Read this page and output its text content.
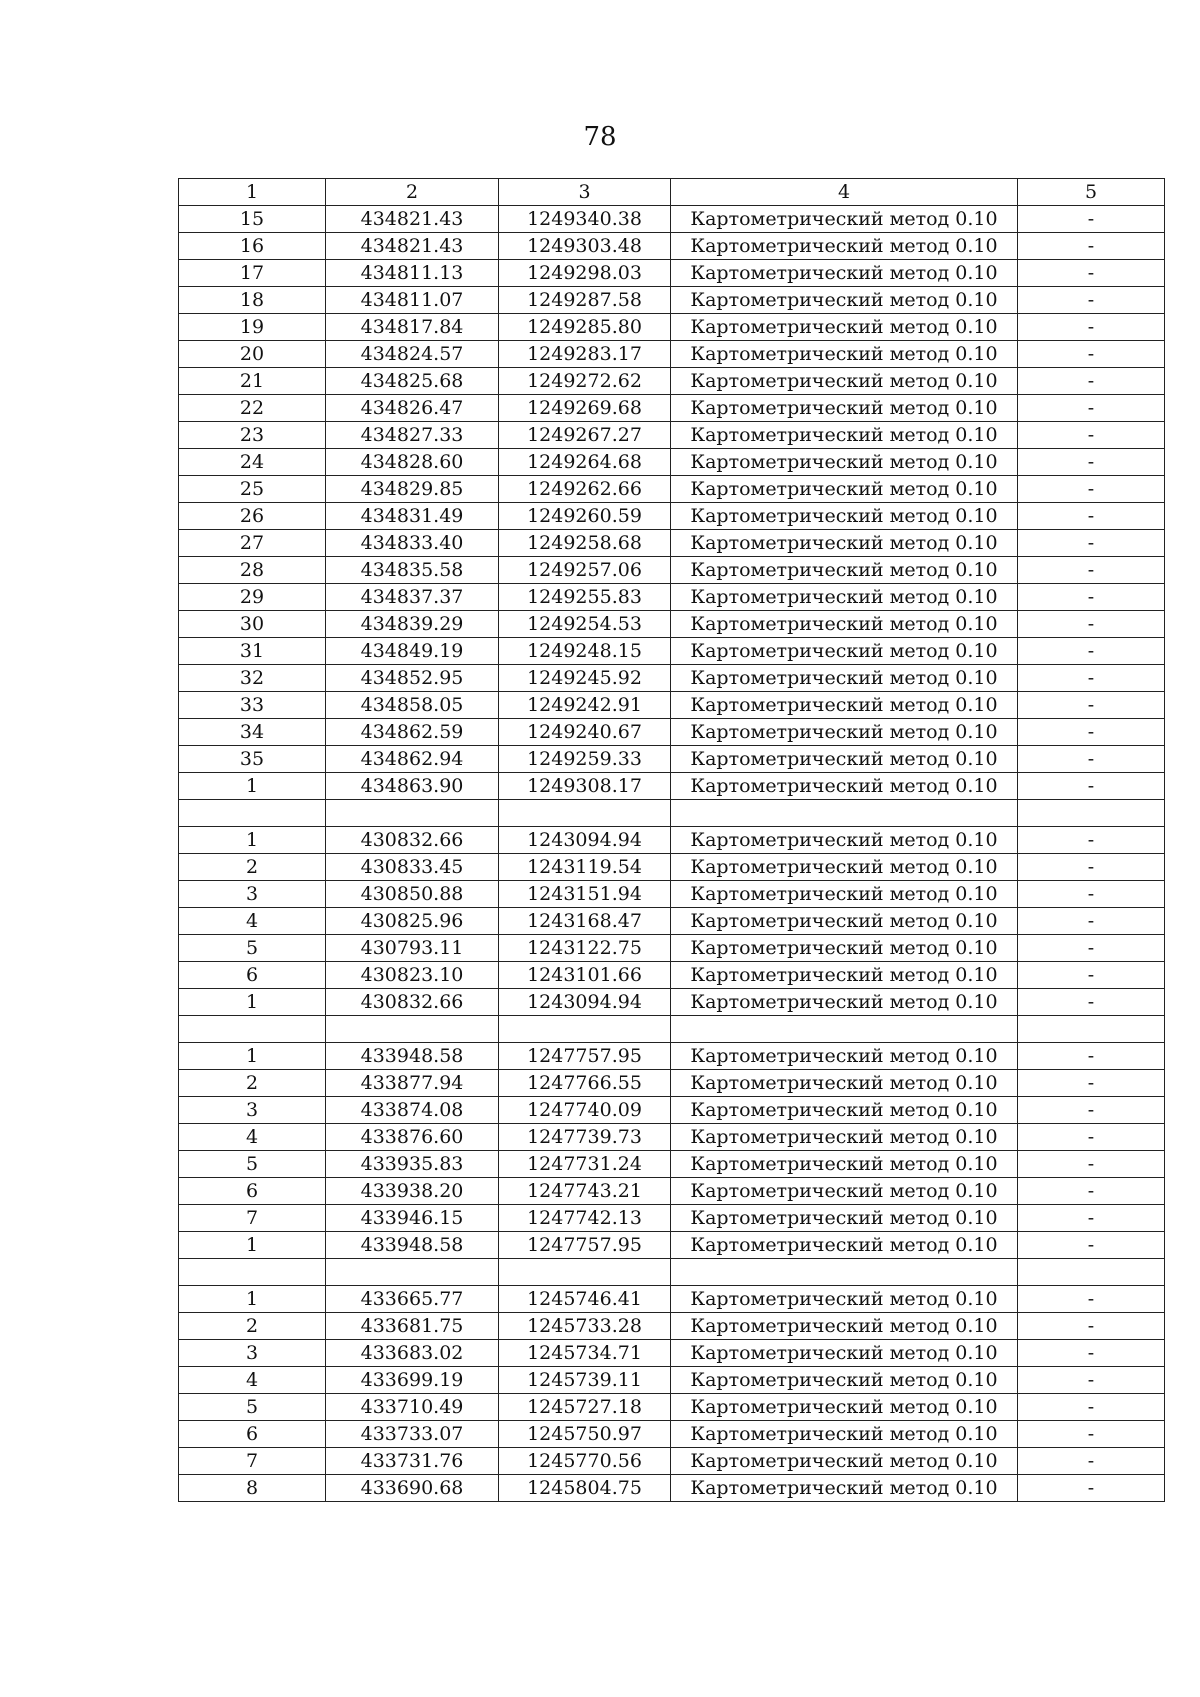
78
1	2	3	4	5
15	434821.43	1249340.38	Картометрический метод 0.10	-
16	434821.43	1249303.48	Картометрический метод 0.10	-
17	434811.13	1249298.03	Картометрический метод 0.10	-
18	434811.07	1249287.58	Картометрический метод 0.10	-
19	434817.84	1249285.80	Картометрический метод 0.10	-
20	434824.57	1249283.17	Картометрический метод 0.10	-
21	434825.68	1249272.62	Картометрический метод 0.10	-
22	434826.47	1249269.68	Картометрический метод 0.10	-
23	434827.33	1249267.27	Картометрический метод 0.10	-
24	434828.60	1249264.68	Картометрический метод 0.10	-
25	434829.85	1249262.66	Картометрический метод 0.10	-
26	434831.49	1249260.59	Картометрический метод 0.10	-
27	434833.40	1249258.68	Картометрический метод 0.10	-
28	434835.58	1249257.06	Картометрический метод 0.10	-
29	434837.37	1249255.83	Картометрический метод 0.10	-
30	434839.29	1249254.53	Картометрический метод 0.10	-
31	434849.19	1249248.15	Картометрический метод 0.10	-
32	434852.95	1249245.92	Картометрический метод 0.10	-
33	434858.05	1249242.91	Картометрический метод 0.10	-
34	434862.59	1249240.67	Картометрический метод 0.10	-
35	434862.94	1249259.33	Картометрический метод 0.10	-
1	434863.90	1249308.17	Картометрический метод 0.10	-

1	430832.66	1243094.94	Картометрический метод 0.10	-
2	430833.45	1243119.54	Картометрический метод 0.10	-
3	430850.88	1243151.94	Картометрический метод 0.10	-
4	430825.96	1243168.47	Картометрический метод 0.10	-
5	430793.11	1243122.75	Картометрический метод 0.10	-
6	430823.10	1243101.66	Картометрический метод 0.10	-
1	430832.66	1243094.94	Картометрический метод 0.10	-

1	433948.58	1247757.95	Картометрический метод 0.10	-
2	433877.94	1247766.55	Картометрический метод 0.10	-
3	433874.08	1247740.09	Картометрический метод 0.10	-
4	433876.60	1247739.73	Картометрический метод 0.10	-
5	433935.83	1247731.24	Картометрический метод 0.10	-
6	433938.20	1247743.21	Картометрический метод 0.10	-
7	433946.15	1247742.13	Картометрический метод 0.10	-
1	433948.58	1247757.95	Картометрический метод 0.10	-

1	433665.77	1245746.41	Картометрический метод 0.10	-
2	433681.75	1245733.28	Картометрический метод 0.10	-
3	433683.02	1245734.71	Картометрический метод 0.10	-
4	433699.19	1245739.11	Картометрический метод 0.10	-
5	433710.49	1245727.18	Картометрический метод 0.10	-
6	433733.07	1245750.97	Картометрический метод 0.10	-
7	433731.76	1245770.56	Картометрический метод 0.10	-
8	433690.68	1245804.75	Картометрический метод 0.10	-
